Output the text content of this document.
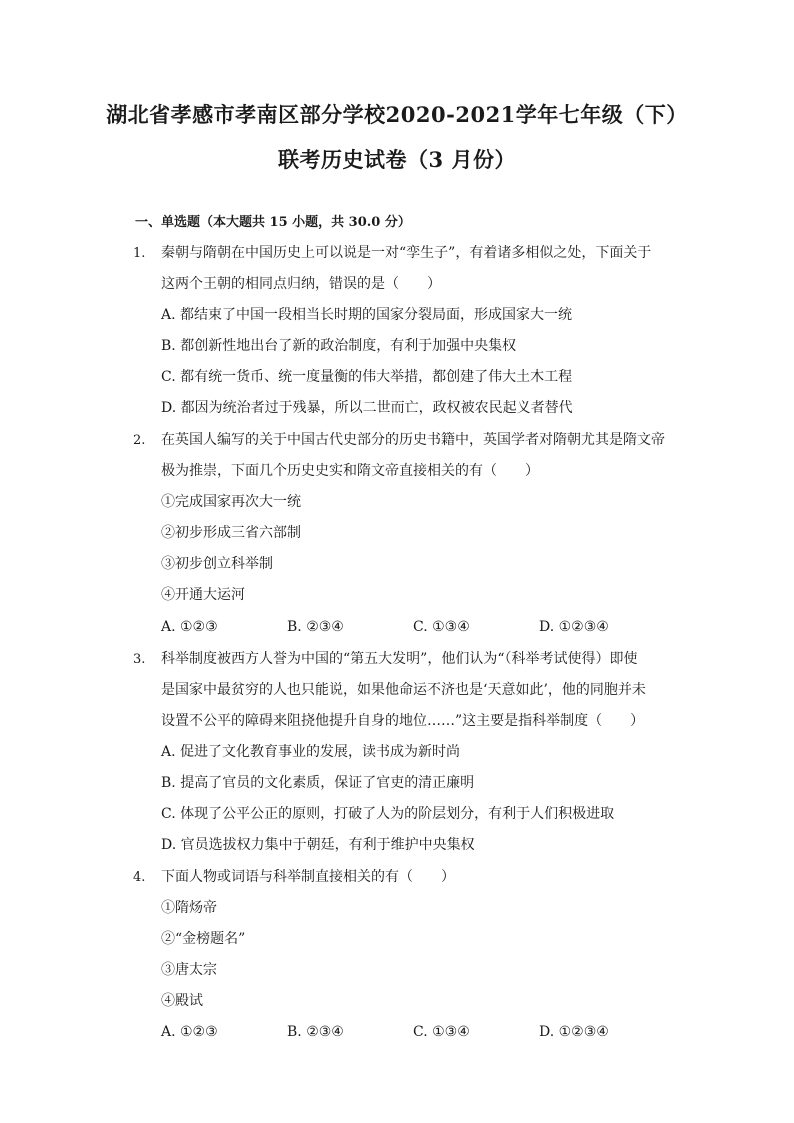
湖北省孝感市孝南区部分学校2020-2021学年七年级（下）
联考历史试卷（3 月份）
一、单选题（本大题共 15 小题，共 30.0 分）
1. 秦朝与隋朝在中国历史上可以说是一对“孪生子”，有着诸多相似之处，下面关于
这两个王朝的相同点归纳，错误的是（　　）
A. 都结束了中国一段相当长时期的国家分裂局面，形成国家大一统
B. 都创新性地出台了新的政治制度，有利于加强中央集权
C. 都有统一货币、统一度量衡的伟大举措，都创建了伟大土木工程
D. 都因为统治者过于残暴，所以二世而亡，政权被农民起义者替代
2. 在英国人编写的关于中国古代史部分的历史书籍中，英国学者对隋朝尤其是隋文帝
极为推崇，下面几个历史史实和隋文帝直接相关的有（　　）
①完成国家再次大一统
②初步形成三省六部制
③初步创立科举制
④开通大运河
A. ①②③	B. ②③④	C. ①③④	D. ①②③④
3. 科举制度被西方人誉为中国的“第五大发明”，他们认为“（科举考试使得）即使
是国家中最贫穷的人也只能说，如果他命运不济也是‘天意如此’，他的同胞并未
设置不公平的障碍来阻挠他提升自身的地位……”这主要是指科举制度（　　）
A. 促进了文化教育事业的发展，读书成为新时尚
B. 提高了官员的文化素质，保证了官吏的清正廉明
C. 体现了公平公正的原则，打破了人为的阶层划分，有利于人们积极进取
D. 官员选拔权力集中于朝廷，有利于维护中央集权
4. 下面人物或词语与科举制直接相关的有（　　）
①隋炀帝
②“金榜题名”
③唐太宗
④殿试
A. ①②③	B. ②③④	C. ①③④	D. ①②③④
